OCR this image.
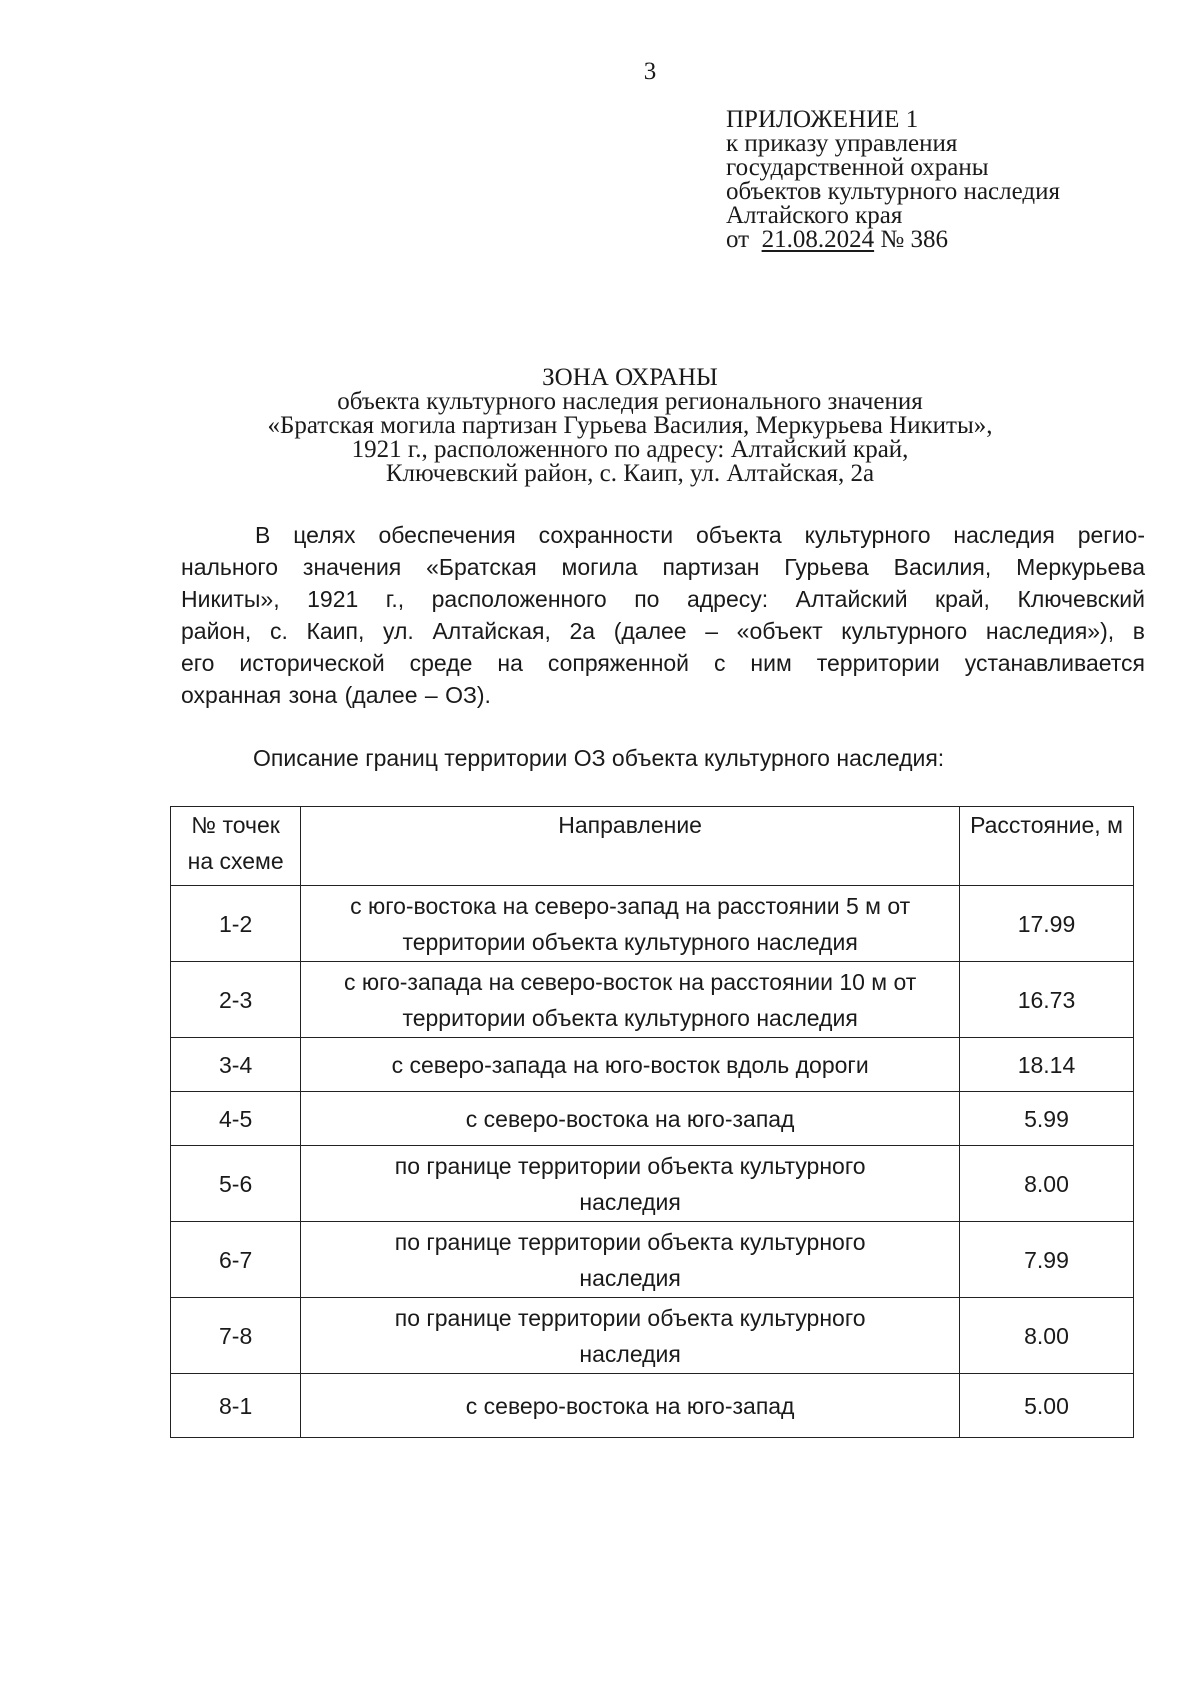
3
ПРИЛОЖЕНИЕ 1
к приказу управления
государственной охраны
объектов культурного наследия
Алтайского края
от  21.08.2024 № 386
ЗОНА ОХРАНЫ
объекта культурного наследия регионального значения
«Братская могила партизан Гурьева Василия, Меркурьева Никиты»,
1921 г., расположенного по адресу: Алтайский край,
Ключевский район, с. Каип, ул. Алтайская, 2а
В целях обеспечения сохранности объекта культурного наследия регио-
нального значения «Братская могила партизан Гурьева Василия, Меркурьева
Никиты», 1921 г., расположенного по адресу: Алтайский край, Ключевский
район, с. Каип, ул. Алтайская, 2а (далее – «объект культурного наследия»), в
его исторической среде на сопряженной с ним территории устанавливается
охранная зона (далее – ОЗ).
Описание границ территории ОЗ объекта культурного наследия:
№ точек на схеме	Направление	Расстояние, м
1-2	с юго-востока на северо-запад на расстоянии 5 м от территории объекта культурного наследия	17.99
2-3	с юго-запада на северо-восток на расстоянии 10 м от территории объекта культурного наследия	16.73
3-4	с северо-запада на юго-восток вдоль дороги	18.14
4-5	с северо-востока на юго-запад	5.99
5-6	по границе территории объекта культурного наследия	8.00
6-7	по границе территории объекта культурного наследия	7.99
7-8	по границе территории объекта культурного наследия	8.00
8-1	с северо-востока на юго-запад	5.00
